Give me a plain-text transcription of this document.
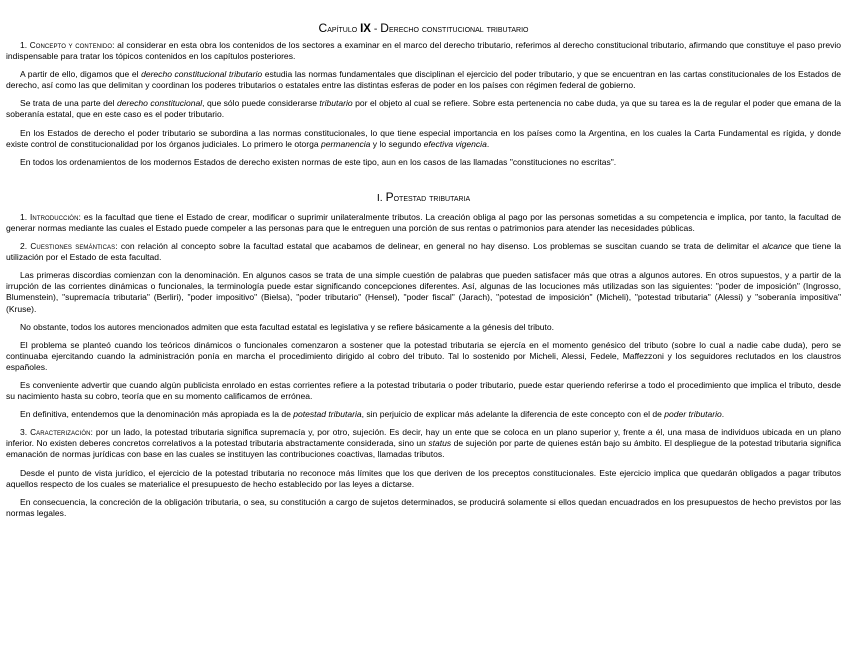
Capítulo IX - Derecho constitucional tributario

1. Concepto y contenido: al considerar en esta obra los contenidos de los sectores a examinar en el marco del derecho tributario, referimos al derecho constitucional tributario, afirmando que constituye el paso previo indispensable para tratar los tópicos contenidos en los capítulos posteriores.

A partir de ello, digamos que el derecho constitucional tributario estudia las normas fundamentales que disciplinan el ejercicio del poder tributario, y que se encuentran en las cartas constitucionales de los Estados de derecho, así como las que delimitan y coordinan los poderes tributarios o estatales entre las distintas esferas de poder en los países con régimen federal de gobierno.

Se trata de una parte del derecho constitucional, que sólo puede considerarse tributario por el objeto al cual se refiere. Sobre esta pertenencia no cabe duda, ya que su tarea es la de regular el poder que emana de la soberanía estatal, que en este caso es el poder tributario.

En los Estados de derecho el poder tributario se subordina a las normas constitucionales, lo que tiene especial importancia en los países como la Argentina, en los cuales la Carta Fundamental es rígida, y donde existe control de constitucionalidad por los órganos judiciales. Lo primero le otorga permanencia y lo segundo efectiva vigencia.

En todos los ordenamientos de los modernos Estados de derecho existen normas de este tipo, aun en los casos de las llamadas "constituciones no escritas".

I. Potestad tributaria

1. Introducción: es la facultad que tiene el Estado de crear, modificar o suprimir unilateralmente tributos. La creación obliga al pago por las personas sometidas a su competencia e implica, por tanto, la facultad de generar normas mediante las cuales el Estado puede compeler a las personas para que le entreguen una porción de sus rentas o patrimonios para atender las necesidades públicas.

2. Cuestiones semánticas: con relación al concepto sobre la facultad estatal que acabamos de delinear, en general no hay disenso. Los problemas se suscitan cuando se trata de delimitar el alcance que tiene la utilización por el Estado de esta facultad.

Las primeras discordias comienzan con la denominación. En algunos casos se trata de una simple cuestión de palabras que pueden satisfacer más que otras a algunos autores. En otros supuestos, y a partir de la irrupción de las corrientes dinámicas o funcionales, la terminología puede estar significando concepciones diferentes. Así, algunas de las locuciones más utilizadas son las siguientes: "poder de imposición" (Ingrosso, Blumenstein), "supremacía tributaria" (Berliri), "poder impositivo" (Bielsa), "poder tributario" (Hensel), "poder fiscal" (Jarach), "potestad de imposición" (Micheli), "potestad tributaria" (Alessi) y "soberanía impositiva" (Kruse).

No obstante, todos los autores mencionados admiten que esta facultad estatal es legislativa y se refiere básicamente a la génesis del tributo.

El problema se planteó cuando los teóricos dinámicos o funcionales comenzaron a sostener que la potestad tributaria se ejercía en el momento genésico del tributo (sobre lo cual a nadie cabe duda), pero se continuaba ejercitando cuando la administración ponía en marcha el procedimiento dirigido al cobro del tributo. Tal lo sostenido por Micheli, Alessi, Fedele, Maffezzoni y los seguidores reclutados en los claustros españoles.

Es conveniente advertir que cuando algún publicista enrolado en estas corrientes refiere a la potestad tributaria o poder tributario, puede estar queriendo referirse a todo el procedimiento que implica el tributo, desde su nacimiento hasta su cobro, teoría que en su momento calificamos de errónea.

En definitiva, entendemos que la denominación más apropiada es la de potestad tributaria, sin perjuicio de explicar más adelante la diferencia de este concepto con el de poder tributario.

3. Caracterización: por un lado, la potestad tributaria significa supremacía y, por otro, sujeción. Es decir, hay un ente que se coloca en un plano superior y, frente a él, una masa de individuos ubicada en un plano inferior. No existen deberes concretos correlativos a la potestad tributaria abstractamente considerada, sino un status de sujeción por parte de quienes están bajo su ámbito. El despliegue de la potestad tributaria significa emanación de normas jurídicas con base en las cuales se instituyen las contribuciones coactivas, llamadas tributos.

Desde el punto de vista jurídico, el ejercicio de la potestad tributaria no reconoce más límites que los que deriven de los preceptos constitucionales. Este ejercicio implica que quedarán obligados a pagar tributos aquellos respecto de los cuales se materialice el presupuesto de hecho establecido por las leyes a dictarse.

En consecuencia, la concreción de la obligación tributaria, o sea, su constitución a cargo de sujetos determinados, se producirá solamente si ellos quedan encuadrados en los presupuestos de hecho previstos por las normas legales.
